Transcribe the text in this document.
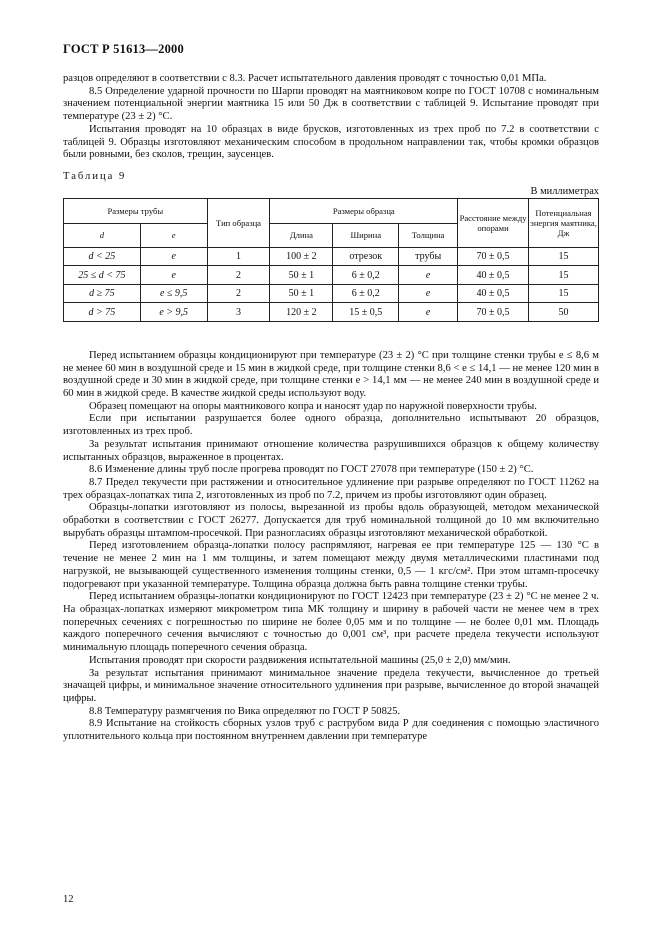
ГОСТ Р 51613—2000

разцов определяют в соответствии с 8.3. Расчет испытательного давления проводят с точностью 0,01 МПа.

8.5 Определение ударной прочности по Шарпи проводят на маятниковом копре по ГОСТ 10708 с номинальным значением потенциальной энергии маятника 15 или 50 Дж в соответствии с таблицей 9. Испытание проводят при температуре (23 ± 2) °С.

Испытания проводят на 10 образцах в виде брусков, изготовленных из трех проб по 7.2 в соответствии с таблицей 9. Образцы изготовляют механическим способом в продольном направлении так, чтобы кромки образцов были ровными, без сколов, трещин, заусенцев.

Таблица 9
В миллиметрах
Размеры трубы		Тип образца	Размеры образца			Расстояние между опорами	Потенциальная энергия маятника, Дж
d	e		Длина	Ширина	Толщина		
d < 25	e	1	100 ± 2	отрезок	трубы	70 ± 0,5	15
25 ≤ d < 75	e	2	50 ± 1	6 ± 0,2	e	40 ± 0,5	15
d ≥ 75	e ≤ 9,5	2	50 ± 1	6 ± 0,2	e	40 ± 0,5	15
d > 75	e > 9,5	3	120 ± 2	15 ± 0,5	e	70 ± 0,5	50

Перед испытанием образцы кондиционируют при температуре (23 ± 2) °С при толщине стенки трубы e ≤ 8,6 м не менее 60 мин в воздушной среде и 15 мин в жидкой среде, при толщине стенки 8,6 < e ≤ 14,1 — не менее 120 мин в воздушной среде и 30 мин в жидкой среде, при толщине стенки e > 14,1 мм — не менее 240 мин в воздушной среде и 60 мин в жидкой среде. В качестве жидкой среды используют воду.

Образец помещают на опоры маятникового копра и наносят удар по наружной поверхности трубы.

Если при испытании разрушается более одного образца, дополнительно испытывают 20 образцов, изготовленных из трех проб.

За результат испытания принимают отношение количества разрушившихся образцов к общему количеству испытанных образцов, выраженное в процентах.

8.6 Изменение длины труб после прогрева проводят по ГОСТ 27078 при температуре (150 ± 2) °С.

8.7 Предел текучести при растяжении и относительное удлинение при разрыве определяют по ГОСТ 11262 на трех образцах-лопатках типа 2, изготовленных из проб по 7.2, причем из пробы изготовляют один образец.

Образцы-лопатки изготовляют из полосы, вырезанной из пробы вдоль образующей, методом механической обработки в соответствии с ГОСТ 26277. Допускается для труб номинальной толщиной до 10 мм включительно вырубать образцы штампом-просечкой. При разногласиях образцы изготовляют механической обработкой.

Перед изготовлением образца-лопатки полосу распрямляют, нагревая ее при температуре 125 — 130 °С в течение не менее 2 мин на 1 мм толщины, и затем помещают между двумя металлическими пластинами под нагрузкой, не вызывающей существенного изменения толщины стенки, 0,5 — 1 кгс/см². При этом штамп-просечку подогревают при указанной температуре. Толщина образца должна быть равна толщине стенки трубы.

Перед испытанием образцы-лопатки кондиционируют по ГОСТ 12423 при температуре (23 ± 2) °С не менее 2 ч. На образцах-лопатках измеряют микрометром типа МК толщину и ширину в рабочей части не менее чем в трех поперечных сечениях с погрешностью по ширине не более 0,05 мм и по толщине — не более 0,01 мм. Площадь каждого поперечного сечения вычисляют с точностью до 0,001 см³, при расчете предела текучести используют минимальную площадь поперечного сечения образца.

Испытания проводят при скорости раздвижения испытательной машины (25,0 ± 2,0) мм/мин.

За результат испытания принимают минимальное значение предела текучести, вычисленное до третьей значащей цифры, и минимальное значение относительного удлинения при разрыве, вычисленное до второй значащей цифры.

8.8 Температуру размягчения по Вика определяют по ГОСТ Р 50825.

8.9 Испытание на стойкость сборных узлов труб с раструбом вида Р для соединения с помощью эластичного уплотнительного кольца при постоянном внутреннем давлении при температуре

12
